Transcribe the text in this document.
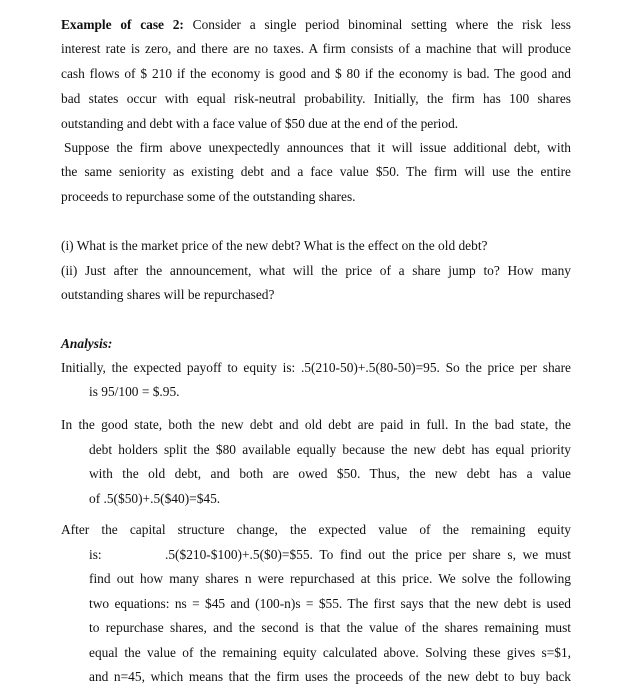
Example of case 2: Consider a single period binominal setting where the risk less
interest rate is zero, and there are no taxes. A firm consists of a machine that will produce
cash flows of $ 210 if the economy is good and $ 80 if the economy is bad. The good and
bad states occur with equal risk-neutral probability. Initially, the firm has 100 shares
outstanding and debt with a face value of $50 due at the end of the period.
Suppose the firm above unexpectedly announces that it will issue additional debt, with
the same seniority as existing debt and a face value $50. The firm will use the entire
proceeds to repurchase some of the outstanding shares.
(i) What is the market price of the new debt? What is the effect on the old debt?
(ii) Just after the announcement, what will the price of a share jump to? How many
outstanding shares will be repurchased?
Analysis:
Initially, the expected payoff to equity is: .5(210-50)+.5(80-50)=95. So the price per share
is 95/100 = $.95.
In the good state, both the new debt and old debt are paid in full. In the bad state, the
debt holders split the $80 available equally because the new debt has equal priority
with the old debt, and both are owed $50. Thus, the new debt has a value
of .5($50)+.5($40)=$45.
After the capital structure change, the expected value of the remaining equity
is:	.5($210-$100)+.5($0)=$55. To find out the price per share s, we must
find out how many shares n were repurchased at this price. We solve the following
two equations: ns = $45 and (100-n)s = $55. The first says that the new debt is used
to repurchase shares, and the second is that the value of the shares remaining must
equal the value of the remaining equity calculated above. Solving these gives s=$1,
and n=45, which means that the firm uses the proceeds of the new debt to buy back
